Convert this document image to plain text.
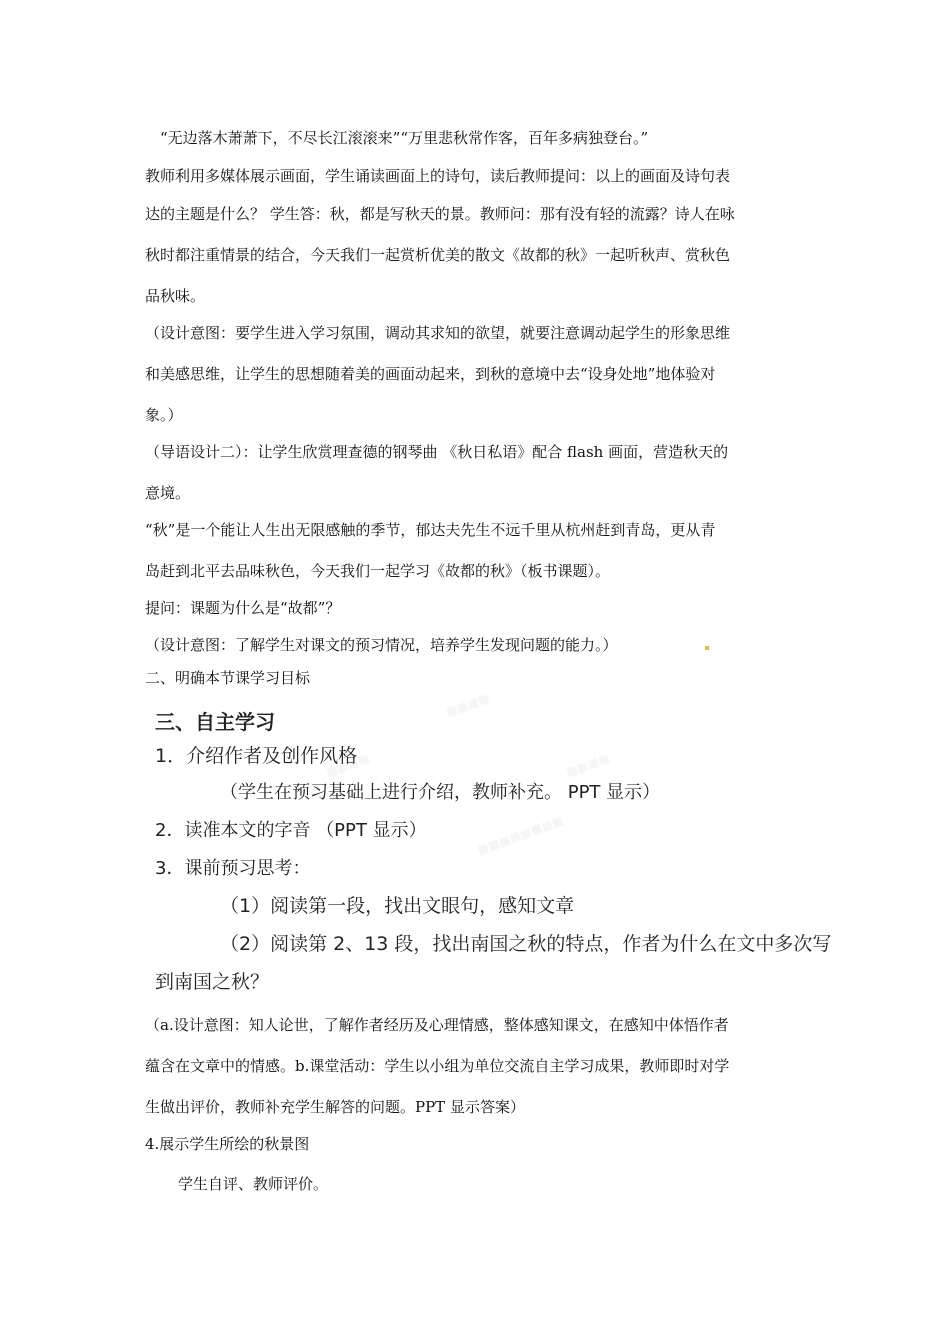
“无边落木萧萧下，不尽长江滚滚来”“万里悲秋常作客，百年多病独登台。”
教师利用多媒体展示画面，学生诵读画面上的诗句，读后教师提问：以上的画面及诗句表
达的主题是什么？ 学生答：秋，都是写秋天的景。教师问：那有没有轻的流露？诗人在咏
秋时都注重情景的结合，今天我们一起赏析优美的散文《故都的秋》一起听秋声、赏秋色
品秋味。
（设计意图：要学生进入学习氛围，调动其求知的欲望，就要注意调动起学生的形象思维
和美感思维，让学生的思想随着美的画面动起来，到秋的意境中去“设身处地”地体验对
象。）
（导语设计二）：让学生欣赏理查德的钢琴曲 《秋日私语》配合 flash 画面，营造秋天的
意境。
“秋”是一个能让人生出无限感触的季节，郁达夫先生不远千里从杭州赶到青岛，更从青
岛赶到北平去品味秋色，今天我们一起学习《故都的秋》（板书课题）。
提问：课题为什么是“故都”？
（设计意图：了解学生对课文的预习情况，培养学生发现问题的能力。）
二、明确本节课学习目标
三、自主学习
1．介绍作者及创作风格
（学生在预习基础上进行介绍，教师补充。 PPT 显示）
2．读准本文的字音 （PPT 显示）
3．课前预习思考：
（1）阅读第一段，找出文眼句，感知文章
（2）阅读第 2、13 段，找出南国之秋的特点，作者为什么在文中多次写
到南国之秋？
（a.设计意图：知人论世，了解作者经历及心理情感，整体感知课文，在感知中体悟作者
蕴含在文章中的情感。b.课堂活动：学生以小组为单位交流自主学习成果，教师即时对学
生做出评价，教师补充学生解答的问题。PPT 显示答案）
4.展示学生所绘的秋景图
学生自评、教师评价。
